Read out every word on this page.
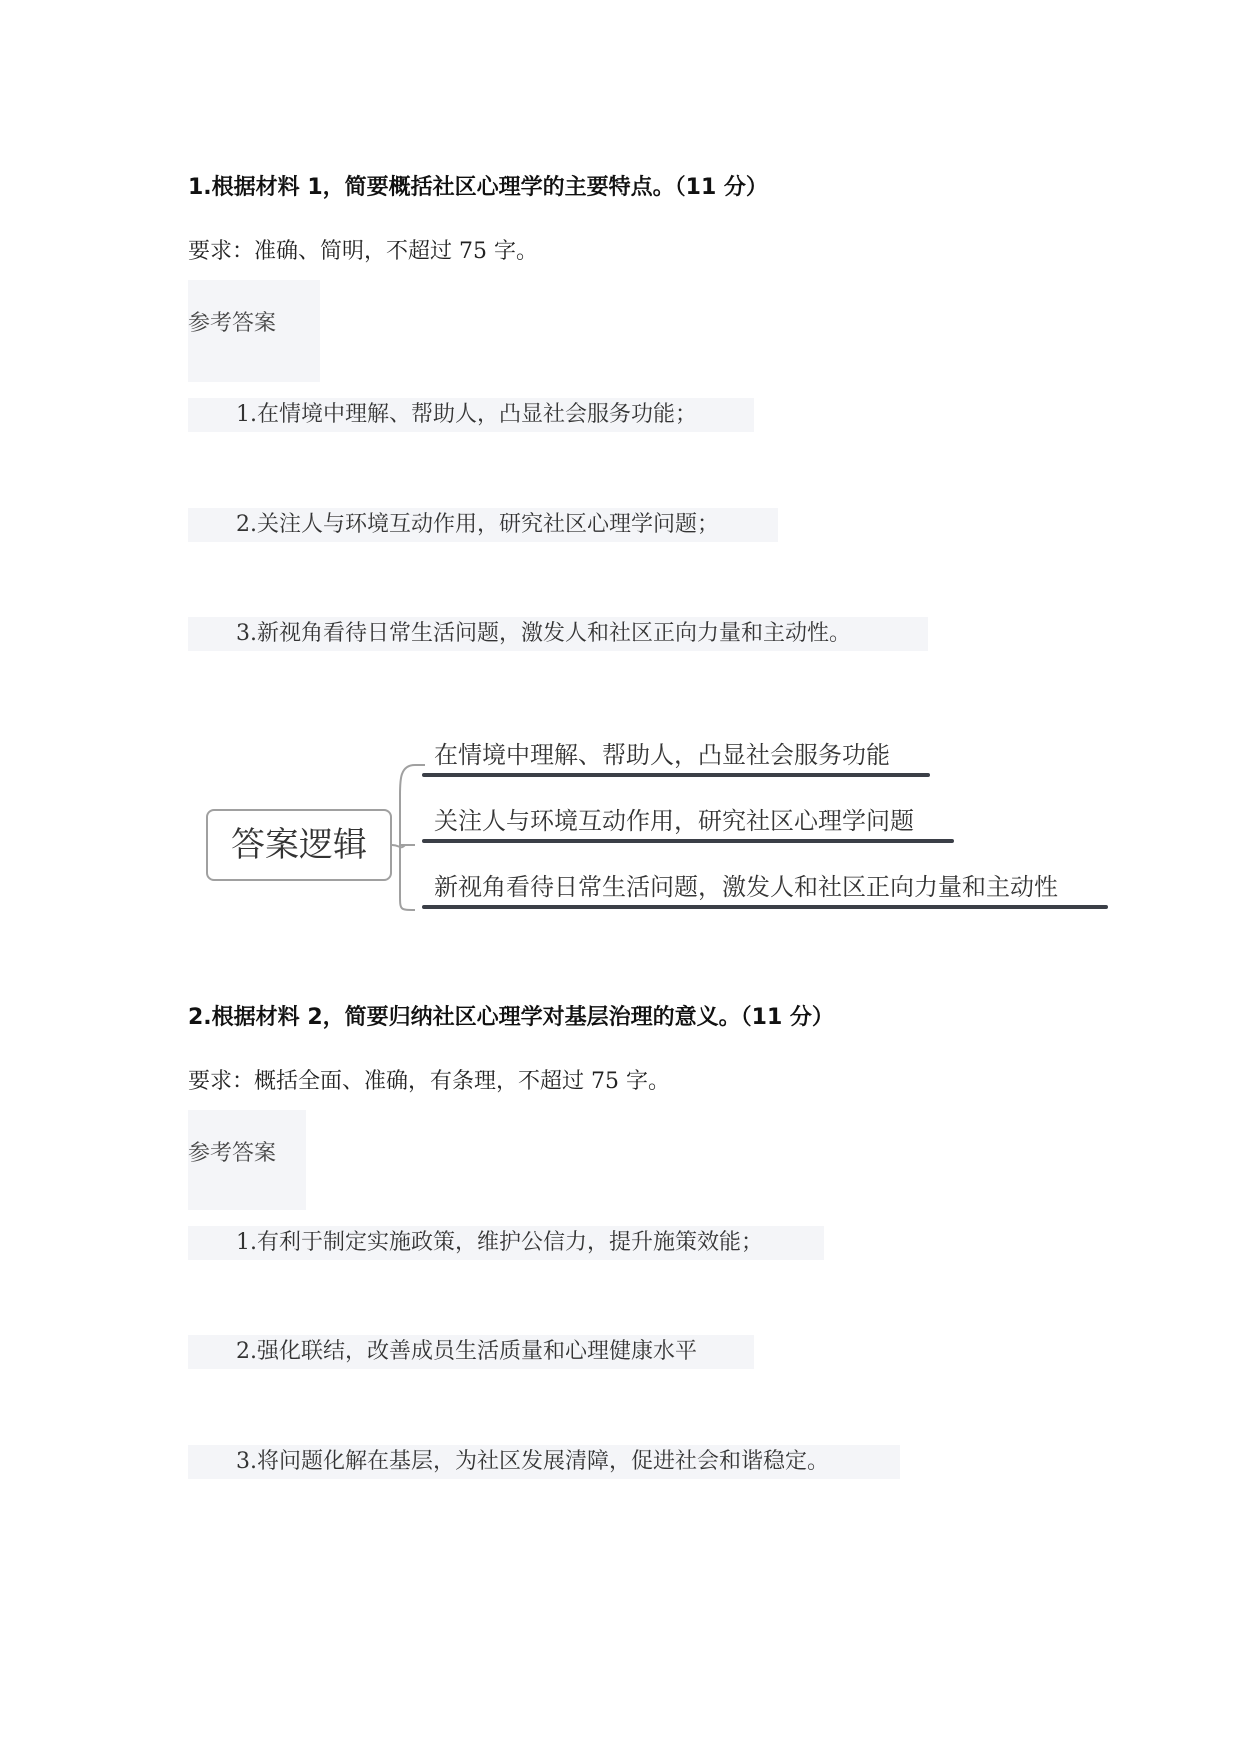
1.根据材料 1，简要概括社区心理学的主要特点。（11 分）
要求：准确、简明，不超过 75 字。
参考答案
1.在情境中理解、帮助人，凸显社会服务功能；
2.关注人与环境互动作用，研究社区心理学问题；
3.新视角看待日常生活问题，激发人和社区正向力量和主动性。
答案逻辑
在情境中理解、帮助人，凸显社会服务功能
关注人与环境互动作用，研究社区心理学问题
新视角看待日常生活问题，激发人和社区正向力量和主动性
2.根据材料 2，简要归纳社区心理学对基层治理的意义。（11 分）
要求：概括全面、准确，有条理，不超过 75 字。
参考答案
1.有利于制定实施政策，维护公信力，提升施策效能；
2.强化联结，改善成员生活质量和心理健康水平
3.将问题化解在基层，为社区发展清障，促进社会和谐稳定。
